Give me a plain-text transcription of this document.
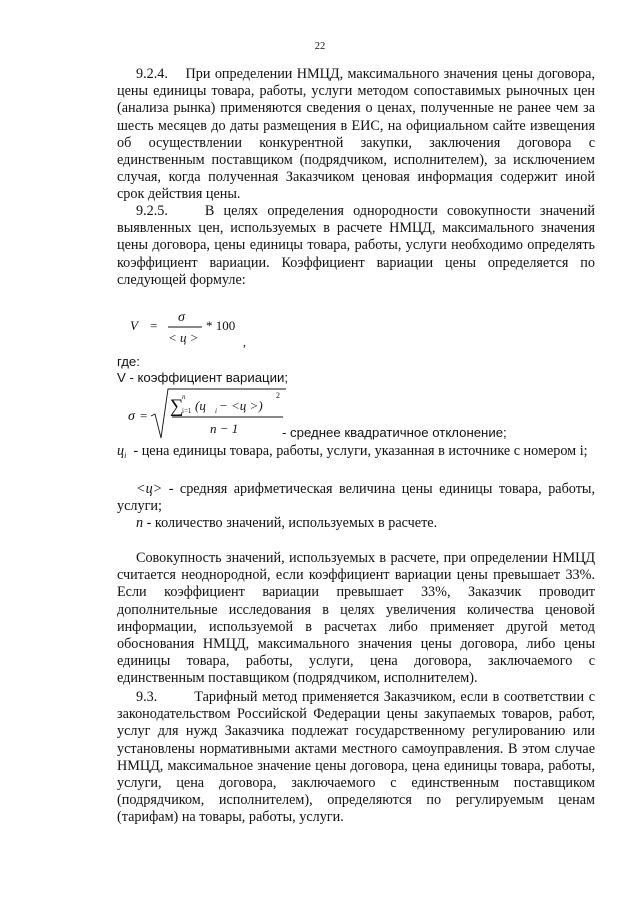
22
9.2.4.    При определении НМЦД, максимального значения цены договора, цены единицы товара, работы, услуги методом сопоставимых рыночных цен (анализа рынка) применяются сведения о ценах, полученные не ранее чем за шесть месяцев до даты размещения в ЕИС, на официальном сайте извещения об осуществлении конкурентной закупки, заключения договора с единственным поставщиком (подрядчиком, исполнителем), за исключением случая, когда полученная Заказчиком ценовая информация содержит иной срок действия цены.
9.2.5.    В целях определения однородности совокупности значений выявленных цен, используемых в расчете НМЦД, максимального значения цены договора, цены единицы товара, работы, услуги необходимо определять коэффициент вариации. Коэффициент вариации цены определяется по следующей формуле:
V =
σ
< ц >
* 100
,
где:
V - коэффициент вариации;
σ = ∑
n
i=1 (ц i − <ц >)
2
n − 1	- среднее квадратичное отклонение;
$ц_i$  - цена единицы товара, работы, услуги, указанная в источнике с номером i;
<ц> - средняя арифметическая величина цены единицы товара, работы, услуги;
n - количество значений, используемых в расчете.
Совокупность значений, используемых в расчете, при определении НМЦД считается неоднородной, если коэффициент вариации цены превышает 33%. Если коэффициент вариации превышает 33%, Заказчик проводит дополнительные исследования в целях увеличения количества ценовой информации, используемой в расчетах либо применяет другой метод обоснования НМЦД, максимального значения цены договора, либо цены единицы товара, работы, услуги, цена договора, заключаемого с единственным поставщиком (подрядчиком, исполнителем).
9.3.        Тарифный метод применяется Заказчиком, если в соответствии с законодательством Российской Федерации цены закупаемых товаров, работ, услуг для нужд Заказчика подлежат государственному регулированию или установлены нормативными актами местного самоуправления. В этом случае НМЦД, максимальное значение цены договора, цена единицы товара, работы, услуги, цена договора, заключаемого с единственным поставщиком (подрядчиком, исполнителем), определяются по регулируемым ценам (тарифам) на товары, работы, услуги.
